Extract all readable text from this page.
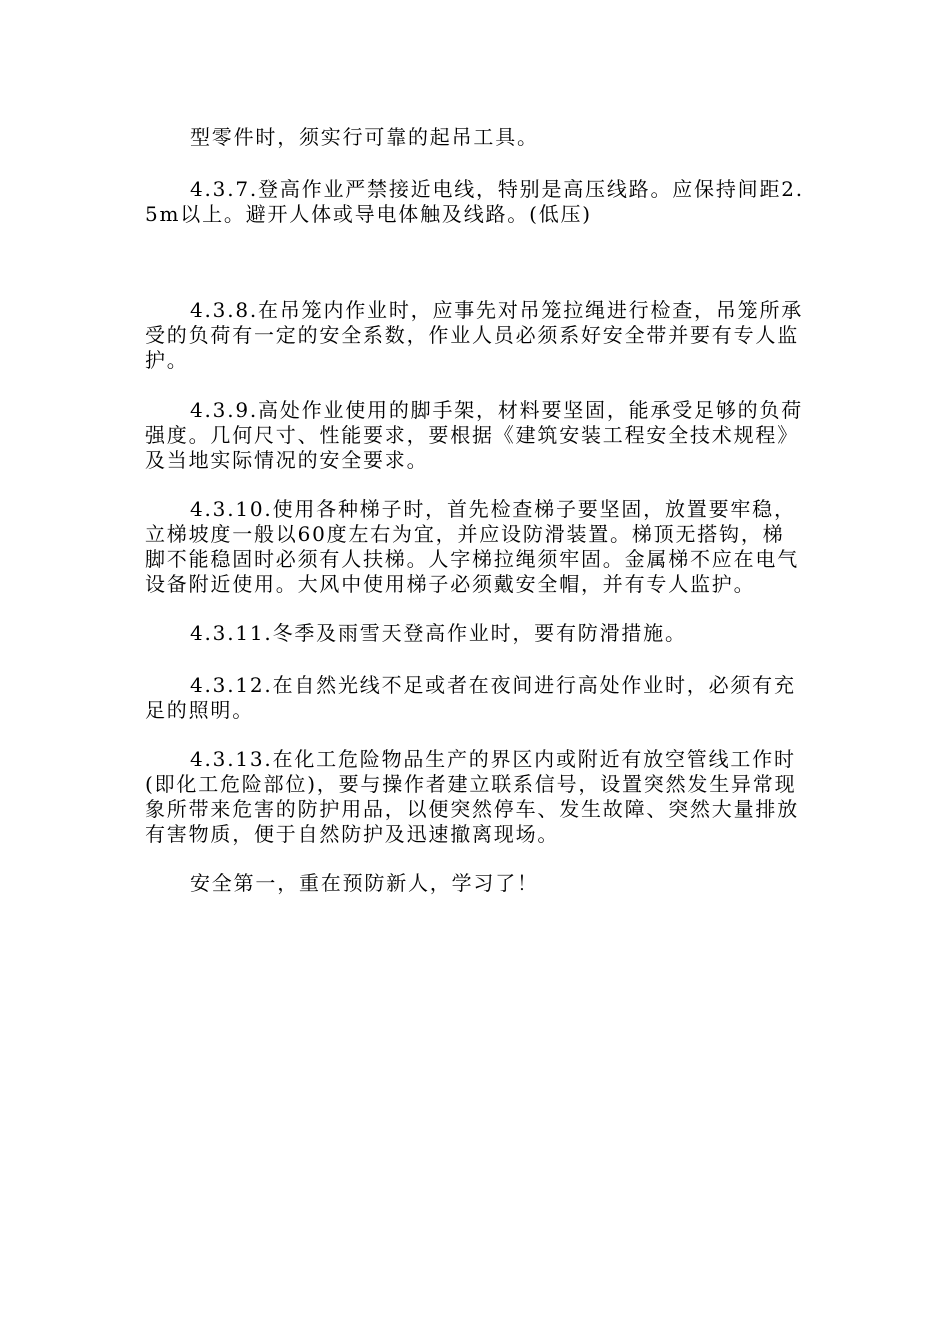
型零件时，须实行可靠的起吊工具。

4.3.7.登高作业严禁接近电线，特别是高压线路。应保持间距2.5m以上。避开人体或导电体触及线路。(低压)

4.3.8.在吊笼内作业时，应事先对吊笼拉绳进行检查，吊笼所承受的负荷有一定的安全系数，作业人员必须系好安全带并要有专人监护。

4.3.9.高处作业使用的脚手架，材料要坚固，能承受足够的负荷强度。几何尺寸、性能要求，要根据《建筑安装工程安全技术规程》及当地实际情况的安全要求。

4.3.10.使用各种梯子时，首先检查梯子要坚固，放置要牢稳，立梯坡度一般以60度左右为宜，并应设防滑装置。梯顶无搭钩，梯脚不能稳固时必须有人扶梯。人字梯拉绳须牢固。金属梯不应在电气设备附近使用。大风中使用梯子必须戴安全帽，并有专人监护。

4.3.11.冬季及雨雪天登高作业时，要有防滑措施。

4.3.12.在自然光线不足或者在夜间进行高处作业时，必须有充足的照明。

4.3.13.在化工危险物品生产的界区内或附近有放空管线工作时(即化工危险部位)，要与操作者建立联系信号，设置突然发生异常现象所带来危害的防护用品，以便突然停车、发生故障、突然大量排放有害物质，便于自然防护及迅速撤离现场。

安全第一，重在预防新人，学习了！
